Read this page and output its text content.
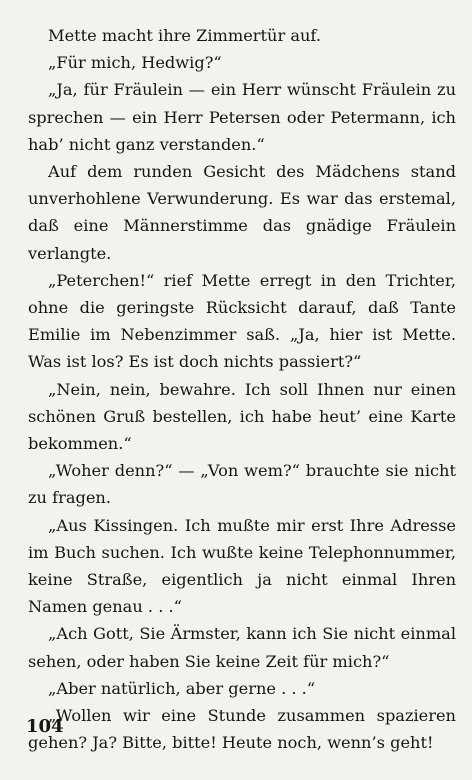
Mette macht ihre Zimmertür auf.

„Für mich, Hedwig?“

„Ja, für Fräulein — ein Herr wünscht Fräulein zu sprechen — ein Herr Petersen oder Petermann, ich hab’ nicht ganz verstanden.“

Auf dem runden Gesicht des Mädchens stand unverhohlene Verwunderung. Es war das erstemal, daß eine Männerstimme das gnädige Fräulein verlangte.

„Peterchen!“ rief Mette erregt in den Trichter, ohne die geringste Rücksicht darauf, daß Tante Emilie im Nebenzimmer saß. „Ja, hier ist Mette. Was ist los? Es ist doch nichts passiert?“

„Nein, nein, bewahre. Ich soll Ihnen nur einen schönen Gruß bestellen, ich habe heut’ eine Karte bekommen.“

„Woher denn?“ — „Von wem?“ brauchte sie nicht zu fragen.

„Aus Kissingen. Ich mußte mir erst Ihre Adresse im Buch suchen. Ich wußte keine Telephonnummer, keine Straße, eigentlich ja nicht einmal Ihren Namen genau . . .“

„Ach Gott, Sie Ärmster, kann ich Sie nicht einmal sehen, oder haben Sie keine Zeit für mich?“

„Aber natürlich, aber gerne . . .“

„Wollen wir eine Stunde zusammen spazieren gehen? Ja? Bitte, bitte! Heute noch, wenn’s geht!

104
